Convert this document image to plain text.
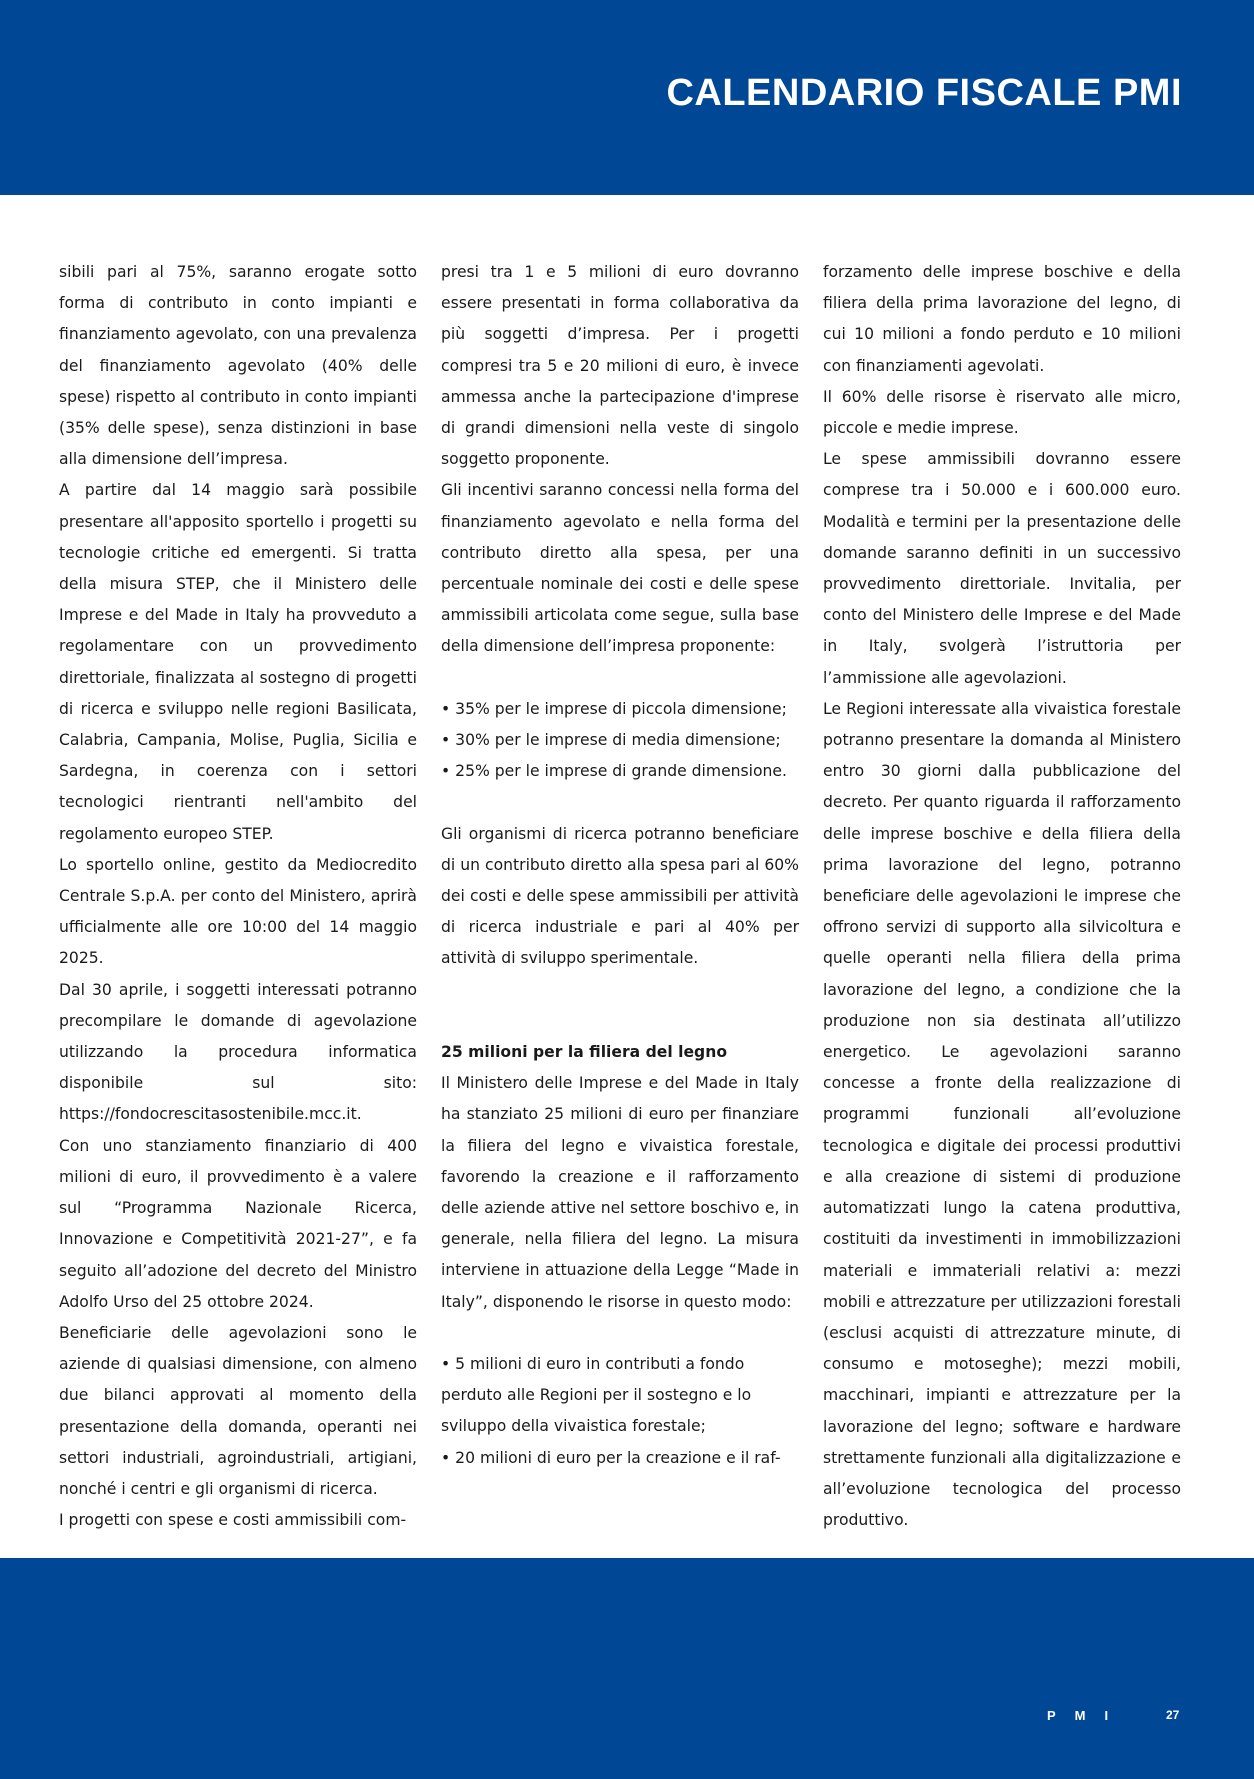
CALENDARIO FISCALE PMI

sibili pari al 75%, saranno erogate sotto forma di contributo in conto impianti e finanziamento agevolato, con una prevalenza del finanziamento agevolato (40% delle spese) rispetto al contributo in conto impianti (35% delle spese), senza distinzioni in base alla dimensione dell’impresa.

A partire dal 14 maggio sarà possibile presentare all'apposito sportello i progetti su tecnologie critiche ed emergenti. Si tratta della misura STEP, che il Ministero delle Imprese e del Made in Italy ha provveduto a regolamentare con un provvedimento direttoriale, finalizzata al sostegno di progetti di ricerca e sviluppo nelle regioni Basilicata, Calabria, Campania, Molise, Puglia, Sicilia e Sardegna, in coerenza con i settori tecnologici rientranti nell'ambito del regolamento europeo STEP.

Lo sportello online, gestito da Mediocredito Centrale S.p.A. per conto del Ministero, aprirà ufficialmente alle ore 10:00 del 14 maggio 2025.

Dal 30 aprile, i soggetti interessati potranno precompilare le domande di agevolazione utilizzando la procedura informatica disponibile sul sito: https://fondocrescitasostenibile.mcc.it.

Con uno stanziamento finanziario di 400 milioni di euro, il provvedimento è a valere sul “Programma Nazionale Ricerca, Innovazione e Competitività 2021-27”, e fa seguito all’adozione del decreto del Ministro Adolfo Urso del 25 ottobre 2024.

Beneficiarie delle agevolazioni sono le aziende di qualsiasi dimensione, con almeno due bilanci approvati al momento della presentazione della domanda, operanti nei settori industriali, agroindustriali, artigiani, nonché i centri e gli organismi di ricerca.

I progetti con spese e costi ammissibili com-

presi tra 1 e 5 milioni di euro dovranno essere presentati in forma collaborativa da più soggetti d’impresa. Per i progetti compresi tra 5 e 20 milioni di euro, è invece ammessa anche la partecipazione d'imprese di grandi dimensioni nella veste di singolo soggetto proponente.

Gli incentivi saranno concessi nella forma del finanziamento agevolato e nella forma del contributo diretto alla spesa, per una percentuale nominale dei costi e delle spese ammissibili articolata come segue, sulla base della dimensione dell’impresa proponente:

• 35% per le imprese di piccola dimensione;
• 30% per le imprese di media dimensione;
• 25% per le imprese di grande dimensione.

Gli organismi di ricerca potranno beneficiare di un contributo diretto alla spesa pari al 60% dei costi e delle spese ammissibili per attività di ricerca industriale e pari al 40% per attività di sviluppo sperimentale.

25 milioni per la filiera del legno

Il Ministero delle Imprese e del Made in Italy ha stanziato 25 milioni di euro per finanziare la filiera del legno e vivaistica forestale, favorendo la creazione e il rafforzamento delle aziende attive nel settore boschivo e, in generale, nella filiera del legno. La misura interviene in attuazione della Legge “Made in Italy”, disponendo le risorse in questo modo:

• 5 milioni di euro in contributi a fondo perduto alle Regioni per il sostegno e lo sviluppo della vivaistica forestale;
• 20 milioni di euro per la creazione e il raf-

forzamento delle imprese boschive e della filiera della prima lavorazione del legno, di cui 10 milioni a fondo perduto e 10 milioni con finanziamenti agevolati.

Il 60% delle risorse è riservato alle micro, piccole e medie imprese.

Le spese ammissibili dovranno essere comprese tra i 50.000 e i 600.000 euro. Modalità e termini per la presentazione delle domande saranno definiti in un successivo provvedimento direttoriale. Invitalia, per conto del Ministero delle Imprese e del Made in Italy, svolgerà l’istruttoria per l’ammissione alle agevolazioni.

Le Regioni interessate alla vivaistica forestale potranno presentare la domanda al Ministero entro 30 giorni dalla pubblicazione del decreto. Per quanto riguarda il rafforzamento delle imprese boschive e della filiera della prima lavorazione del legno, potranno beneficiare delle agevolazioni le imprese che offrono servizi di supporto alla silvicoltura e quelle operanti nella filiera della prima lavorazione del legno, a condizione che la produzione non sia destinata all’utilizzo energetico. Le agevolazioni saranno concesse a fronte della realizzazione di programmi funzionali all’evoluzione tecnologica e digitale dei processi produttivi e alla creazione di sistemi di produzione automatizzati lungo la catena produttiva, costituiti da investimenti in immobilizzazioni materiali e immateriali relativi a: mezzi mobili e attrezzature per utilizzazioni forestali (esclusi acquisti di attrezzature minute, di consumo e motoseghe); mezzi mobili, macchinari, impianti e attrezzature per la lavorazione del legno; software e hardware strettamente funzionali alla digitalizzazione e all’evoluzione tecnologica del processo produttivo.

PMI	27
